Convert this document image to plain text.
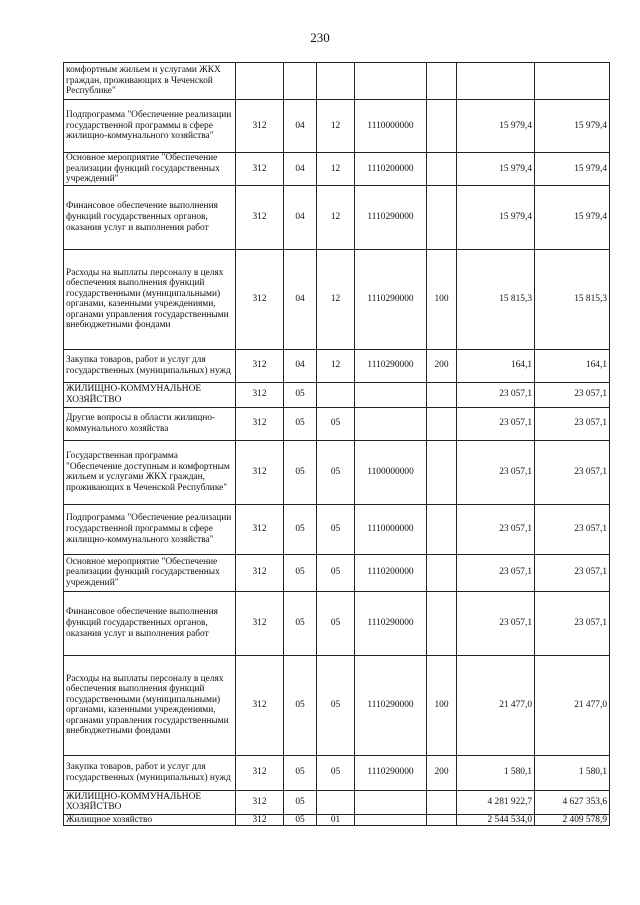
230
комфортным жильем и услугами ЖКХ граждан, проживающих в Чеченской Республике"							
Подпрограмма "Обеспечение реализации государственной программы в сфере жилищно-коммунального хозяйства"	312	04	12	1110000000		15 979,4	15 979,4
Основное мероприятие "Обеспечение реализации функций государственных учреждений"	312	04	12	1110200000		15 979,4	15 979,4
Финансовое обеспечение выполнения функций государственных органов, оказания услуг и выполнения работ	312	04	12	1110290000		15 979,4	15 979,4
Расходы на выплаты персоналу в целях обеспечения выполнения функций государственными (муниципальными) органами, казенными учреждениями, органами управления государственными внебюджетными фондами	312	04	12	1110290000	100	15 815,3	15 815,3
Закупка товаров, работ и услуг для государственных (муниципальных) нужд	312	04	12	1110290000	200	164,1	164,1
ЖИЛИЩНО-КОММУНАЛЬНОЕ ХОЗЯЙСТВО	312	05				23 057,1	23 057,1
Другие вопросы в области жилищно-коммунального хозяйства	312	05	05			23 057,1	23 057,1
Государственная программа "Обеспечение доступным и комфортным жильем и услугами ЖКХ граждан, проживающих в Чеченской Республике"	312	05	05	1100000000		23 057,1	23 057,1
Подпрограмма "Обеспечение реализации государственной программы в сфере жилищно-коммунального хозяйства"	312	05	05	1110000000		23 057,1	23 057,1
Основное мероприятие "Обеспечение реализации функций государственных учреждений"	312	05	05	1110200000		23 057,1	23 057,1
Финансовое обеспечение выполнения функций государственных органов, оказания услуг и выполнения работ	312	05	05	1110290000		23 057,1	23 057,1
Расходы на выплаты персоналу в целях обеспечения выполнения функций государственными (муниципальными) органами, казенными учреждениями, органами управления государственными внебюджетными фондами	312	05	05	1110290000	100	21 477,0	21 477,0
Закупка товаров, работ и услуг для государственных (муниципальных) нужд	312	05	05	1110290000	200	1 580,1	1 580,1
ЖИЛИЩНО-КОММУНАЛЬНОЕ ХОЗЯЙСТВО	312	05				4 281 922,7	4 627 353,6
Жилищное хозяйство	312	05	01			2 544 534,0	2 409 578,9
